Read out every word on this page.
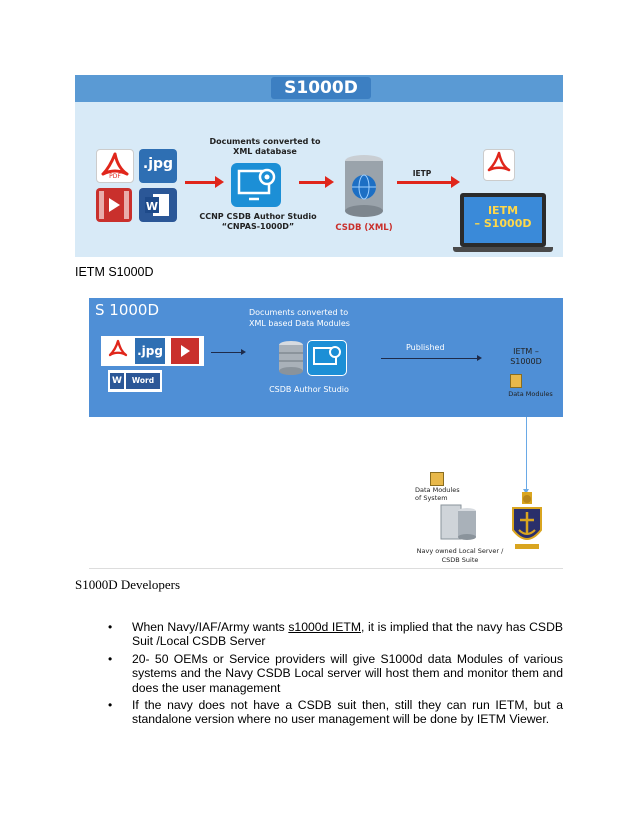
S1000D
PDF
.jpg
W
Documents converted to
XML database
CCNP CSDB Author Studio
“CNPAS-1000D”	CSDB (XML)
IETP
IETM
– S1000D
IETM S1000D
S 1000D	Documents converted to
XML based Data Modules
.jpg
W	Word
CSDB Author Studio
Published	IETM –
S1000D
Data Modules
Data Modules
of System
Navy owned Local Server /
CSDB Suite
S1000D Developers
• When Navy/IAF/Army wants s1000d IETM, it is implied that the navy has CSDB Suit /Local CSDB Server
• 20- 50 OEMs or Service providers will give S1000d data Modules of various systems and the Navy CSDB Local server will host them and monitor them and does the user management
• If the navy does not have a CSDB suit then, still they can run IETM, but a standalone version where no user management will be done by IETM Viewer.
